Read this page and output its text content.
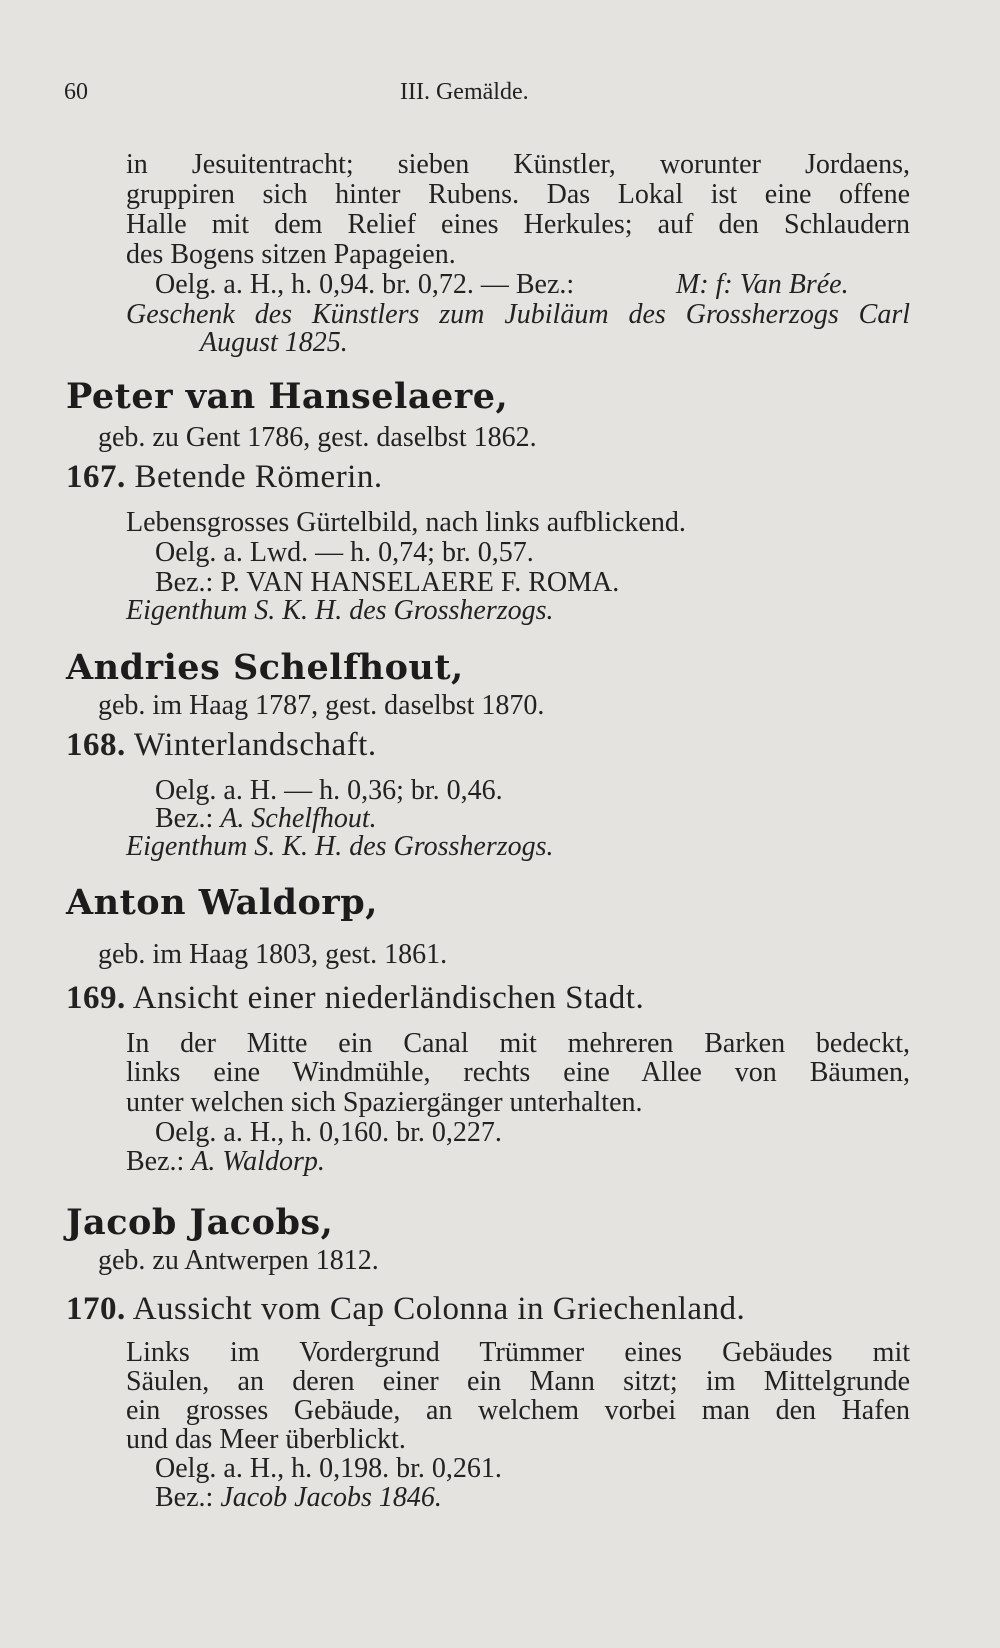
60	III. Gemälde.
in Jesuitentracht; sieben Künstler, worunter Jordaens,
gruppiren sich hinter Rubens. Das Lokal ist eine offene
Halle mit dem Relief eines Herkules; auf den Schlaudern
des Bogens sitzen Papageien.
Oelg. a. H., h. 0,94. br. 0,72. — Bez.:	M: f: Van Brée.
Geschenk des Künstlers zum Jubiläum des Grossherzogs Carl
August 1825.
Peter van Hanselaere,
geb. zu Gent 1786, gest. daselbst 1862.
167. Betende Römerin.
Lebensgrosses Gürtelbild, nach links aufblickend.
Oelg. a. Lwd. — h. 0,74; br. 0,57.
Bez.: P. VAN HANSELAERE F. ROMA.
Eigenthum S. K. H. des Grossherzogs.
Andries Schelfhout,
geb. im Haag 1787, gest. daselbst 1870.
168. Winterlandschaft.
Oelg. a. H. — h. 0,36; br. 0,46.
Bez.: A. Schelfhout.
Eigenthum S. K. H. des Grossherzogs.
Anton Waldorp,
geb. im Haag 1803, gest. 1861.
169. Ansicht einer niederländischen Stadt.
In der Mitte ein Canal mit mehreren Barken bedeckt,
links eine Windmühle, rechts eine Allee von Bäumen,
unter welchen sich Spaziergänger unterhalten.
Oelg. a. H., h. 0,160. br. 0,227.
Bez.: A. Waldorp.
Jacob Jacobs,
geb. zu Antwerpen 1812.
170. Aussicht vom Cap Colonna in Griechenland.
Links im Vordergrund Trümmer eines Gebäudes mit
Säulen, an deren einer ein Mann sitzt; im Mittelgrunde
ein grosses Gebäude, an welchem vorbei man den Hafen
und das Meer überblickt.
Oelg. a. H., h. 0,198. br. 0,261.
Bez.: Jacob Jacobs 1846.
